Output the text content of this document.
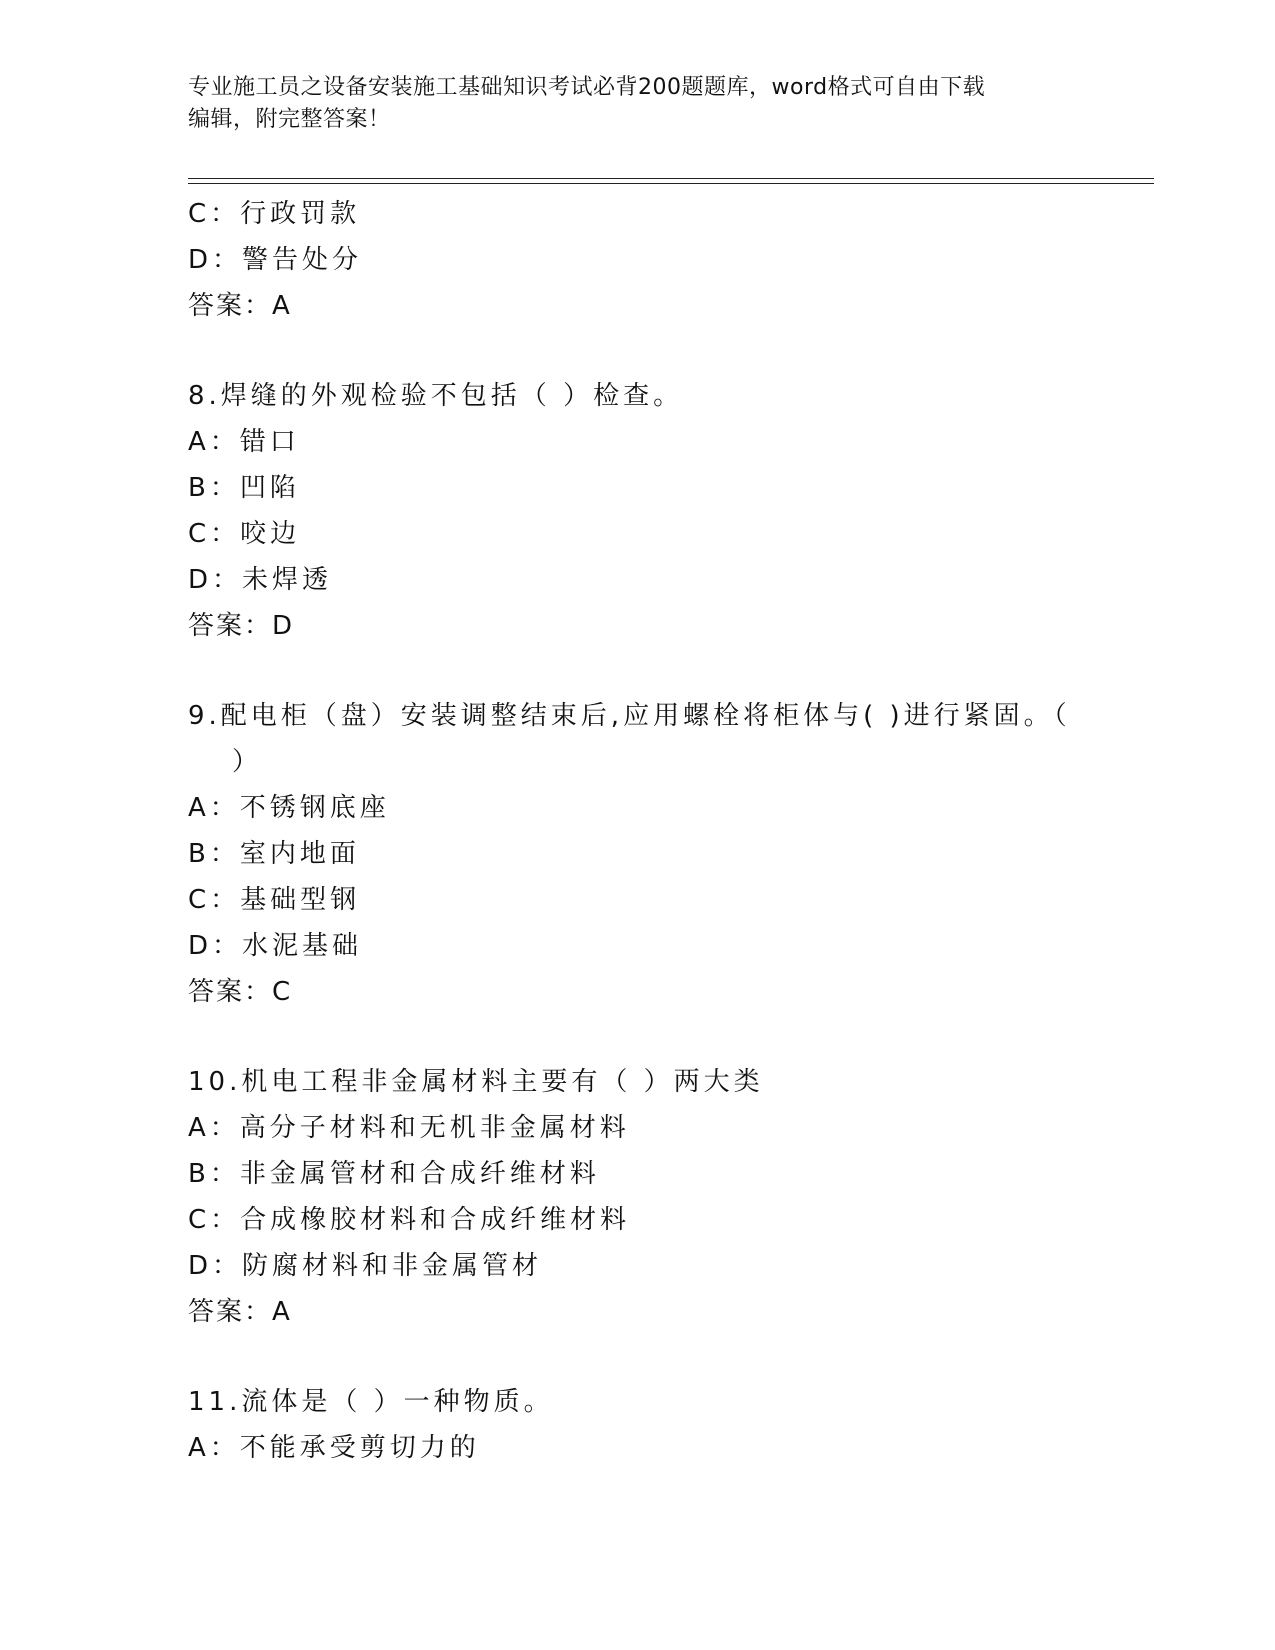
专业施工员之设备安装施工基础知识考试必背200题题库，word格式可自由下载
编辑，附完整答案！
C：行政罚款
D：警告处分
答案：A
8.焊缝的外观检验不包括（ ）检查。
A：错口
B：凹陷
C：咬边
D：未焊透
答案：D
9.配电柜（盘）安装调整结束后,应用螺栓将柜体与( )进行紧固。（
）
A：不锈钢底座
B：室内地面
C：基础型钢
D：水泥基础
答案：C
10.机电工程非金属材料主要有（ ）两大类
A：高分子材料和无机非金属材料
B：非金属管材和合成纤维材料
C：合成橡胶材料和合成纤维材料
D：防腐材料和非金属管材
答案：A
11.流体是（ ）一种物质。
A：不能承受剪切力的
